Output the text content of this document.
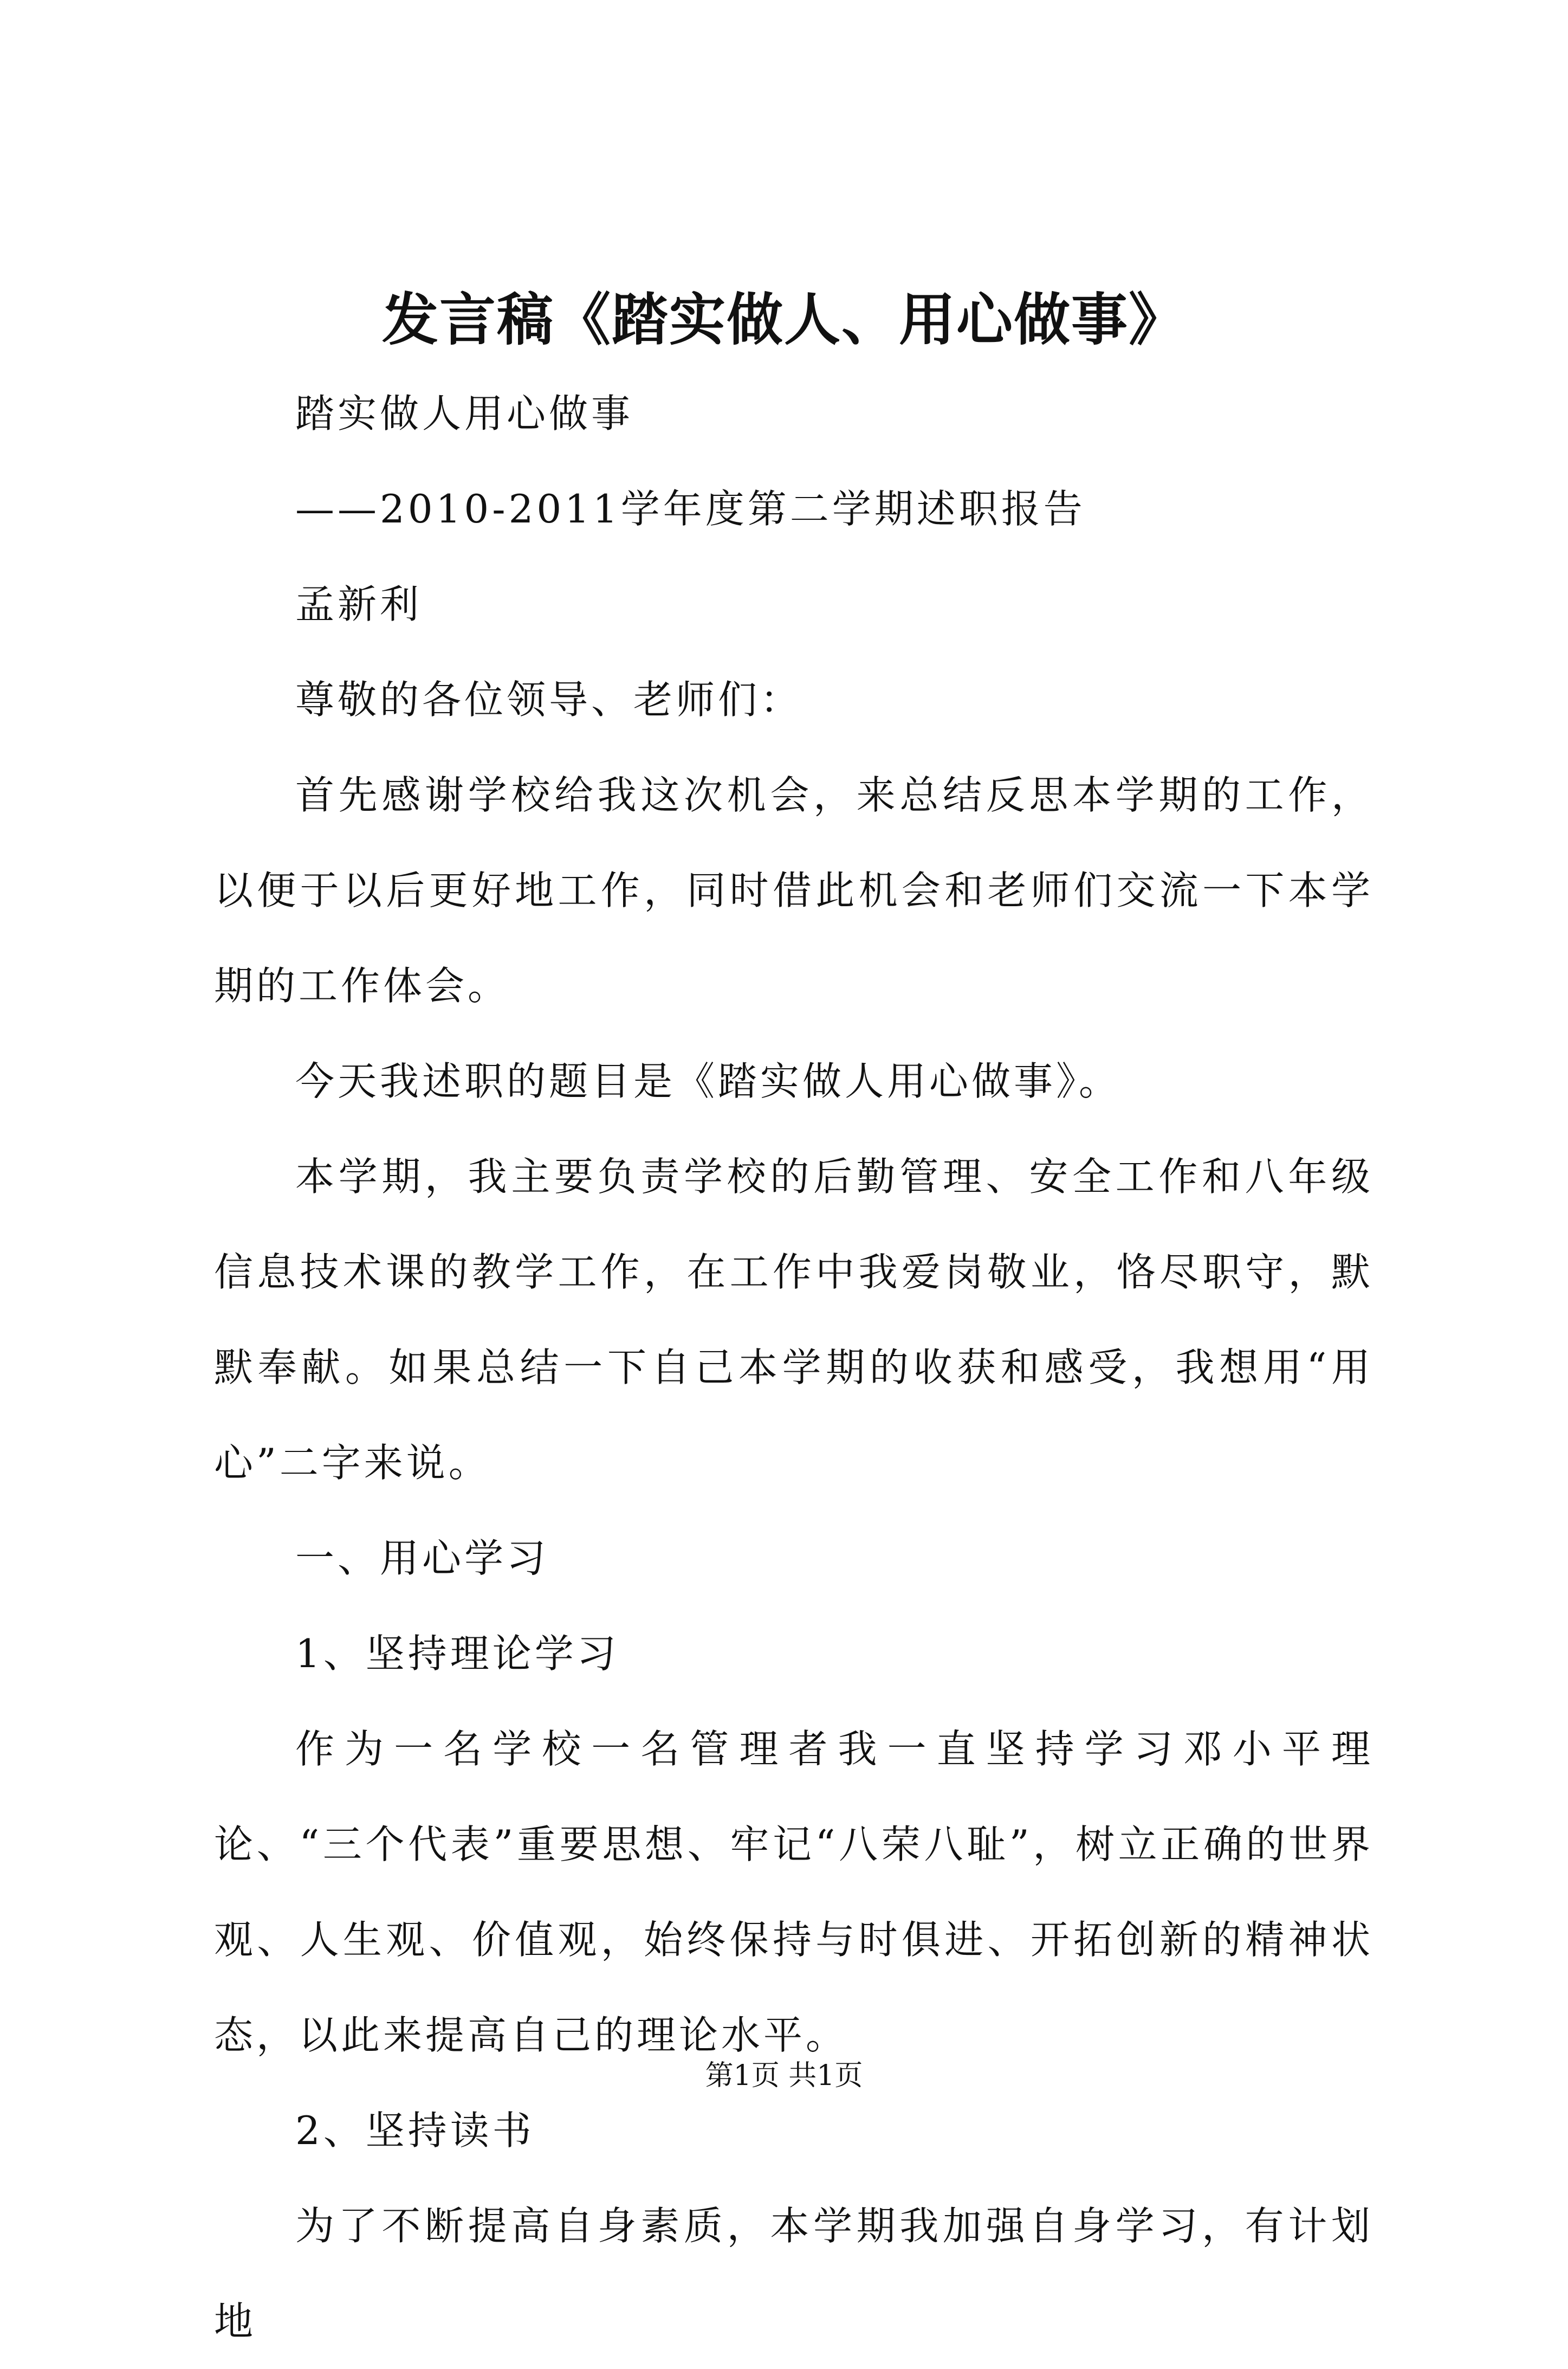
发言稿《踏实做人、用心做事》

踏实做人用心做事

——2010-2011学年度第二学期述职报告

孟新利

尊敬的各位领导、老师们：

首先感谢学校给我这次机会，来总结反思本学期的工作，以便于以后更好地工作，同时借此机会和老师们交流一下本学期的工作体会。

今天我述职的题目是《踏实做人用心做事》。

本学期，我主要负责学校的后勤管理、安全工作和八年级信息技术课的教学工作，在工作中我爱岗敬业，恪尽职守，默默奉献。如果总结一下自己本学期的收获和感受，我想用“用心”二字来说。

一、用心学习

1、坚持理论学习

作为一名学校一名管理者我一直坚持学习邓小平理论、“三个代表”重要思想、牢记“八荣八耻”，树立正确的世界观、人生观、价值观，始终保持与时俱进、开拓创新的精神状态，以此来提高自己的理论水平。

2、坚持读书

为了不断提高自身素质，本学期我加强自身学习，有计划地

第1页 共1页
